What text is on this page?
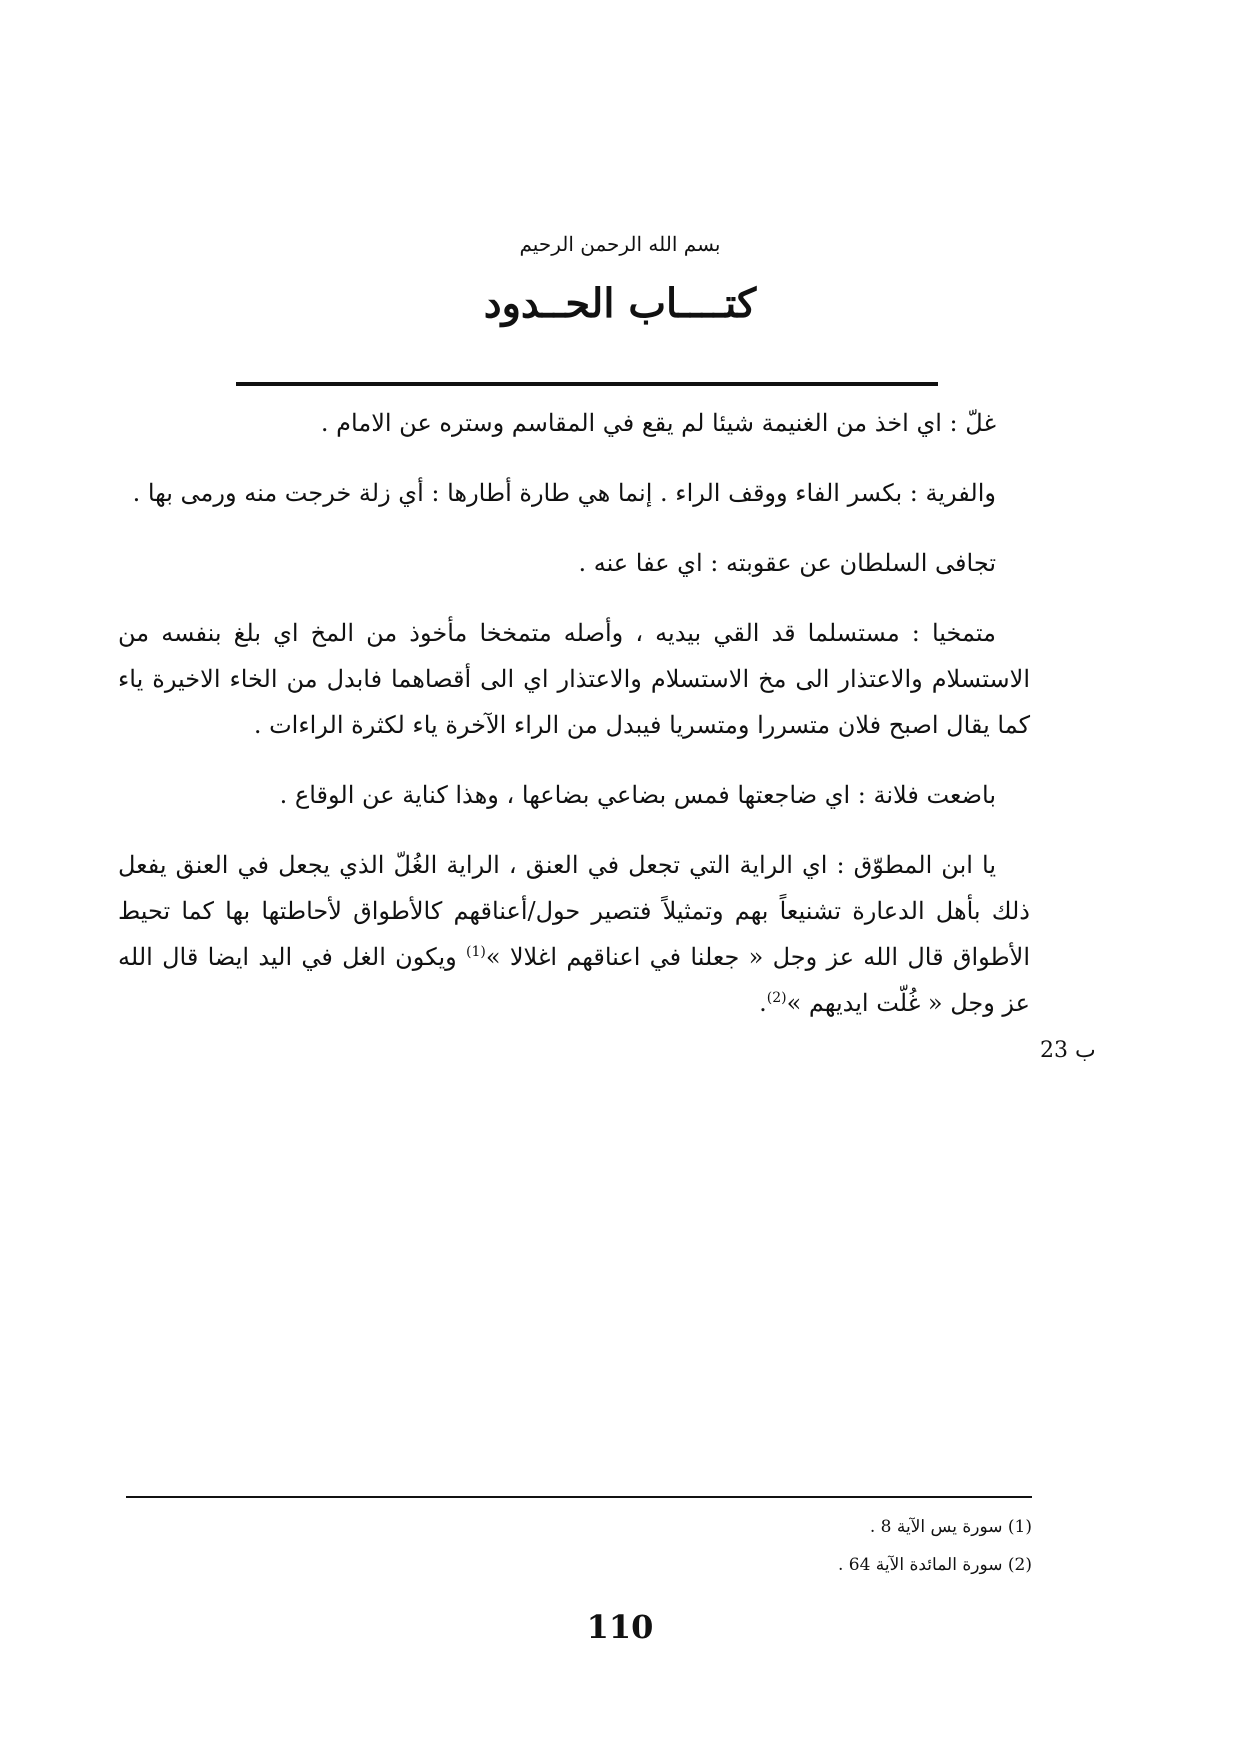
بسم الله الرحمن الرحيم
كتــــاب الحــدود

غلّ : اي اخذ من الغنيمة شيئا لم يقع في المقاسم وستره عن الامام .

والفرية : بكسر الفاء ووقف الراء . إنما هي طارة أطارها : أي زلة خرجت منه ورمى بها .

تجافى السلطان عن عقوبته : اي عفا عنه .

متمخيا : مستسلما قد القي بيديه ، وأصله متمخخا مأخوذ من المخ اي بلغ بنفسه من الاستسلام والاعتذار الى مخ الاستسلام والاعتذار اي الى أقصاهما فابدل من الخاء الاخيرة ياء كما يقال اصبح فلان متسررا ومتسريا فيبدل من الراء الآخرة ياء لكثرة الراءات .

باضعت فلانة : اي ضاجعتها فمس بضاعي بضاعها ، وهذا كناية عن الوقاع .

يا ابن المطوّق : اي الراية التي تجعل في العنق ، الراية الغُلّ الذي يجعل في العنق يفعل ذلك بأهل الدعارة تشنيعاً بهم وتمثيلاً فتصير حول/أعناقهم كالأطواق لأحاطتها بها كما تحيط الأطواق قال الله عز وجل « جعلنا في اعناقهم اغلالا »$^{(1)}$ ويكون الغل في اليد ايضا قال الله عز وجل « غُلّت ايديهم »$^{(2)}$.

23 ب

(1) سورة يس الآية 8 .

(2) سورة المائدة الآية 64 .

110
